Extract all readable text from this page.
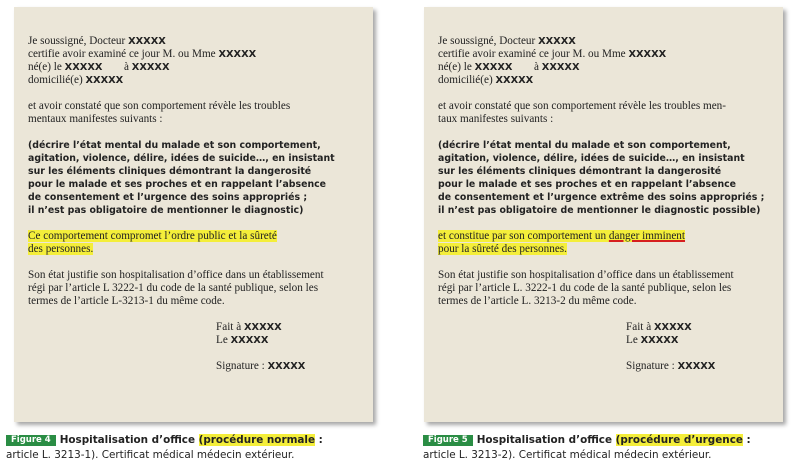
Je soussigné, Docteur XXXXX

certifie avoir examiné ce jour M. ou Mme XXXXX

né(e) le XXXXX à XXXXX

domicilié(e) XXXXX

et avoir constaté que son comportement révèle les troubles

mentaux manifestes suivants :

(décrire l’état mental du malade et son comportement,

agitation, violence, délire, idées de suicide…, en insistant

sur les éléments cliniques démontrant la dangerosité

pour le malade et ses proches et en rappelant l’absence

de consentement et l’urgence des soins appropriés ;

il n’est pas obligatoire de mentionner le diagnostic)

Ce comportement compromet l’ordre public et la sûreté

des personnes.

Son état justifie son hospitalisation d’office dans un établissement

régi par l’article L 3222-1 du code de la santé publique, selon les

termes de l’article L-3213-1 du même code.

Fait à XXXXX

Le XXXXX

Signature : XXXXX

Je soussigné, Docteur XXXXX

certifie avoir examiné ce jour M. ou Mme XXXXX

né(e) le XXXXX à XXXXX

domicilié(e) XXXXX

et avoir constaté que son comportement révèle les troubles men-

taux manifestes suivants :

(décrire l’état mental du malade et son comportement,

agitation, violence, délire, idées de suicide…, en insistant

sur les éléments cliniques démontrant la dangerosité

pour le malade et ses proches et en rappelant l’absence

de consentement et l’urgence extrême des soins appropriés ;

il n’est pas obligatoire de mentionner le diagnostic possible)

et constitue par son comportement un danger imminent

pour la sûreté des personnes.

Son état justifie son hospitalisation d’office dans un établissement

régi par l’article L. 3222-1 du code de la santé publique, selon les

termes de l’article L. 3213-2 du même code.

Fait à XXXXX

Le XXXXX

Signature : XXXXX

Figure 4 Hospitalisation d’office (procédure normale :
article L. 3213-1). Certificat médical médecin extérieur.
Figure 5 Hospitalisation d’office (procédure d’urgence :
article L. 3213-2). Certificat médical médecin extérieur.
